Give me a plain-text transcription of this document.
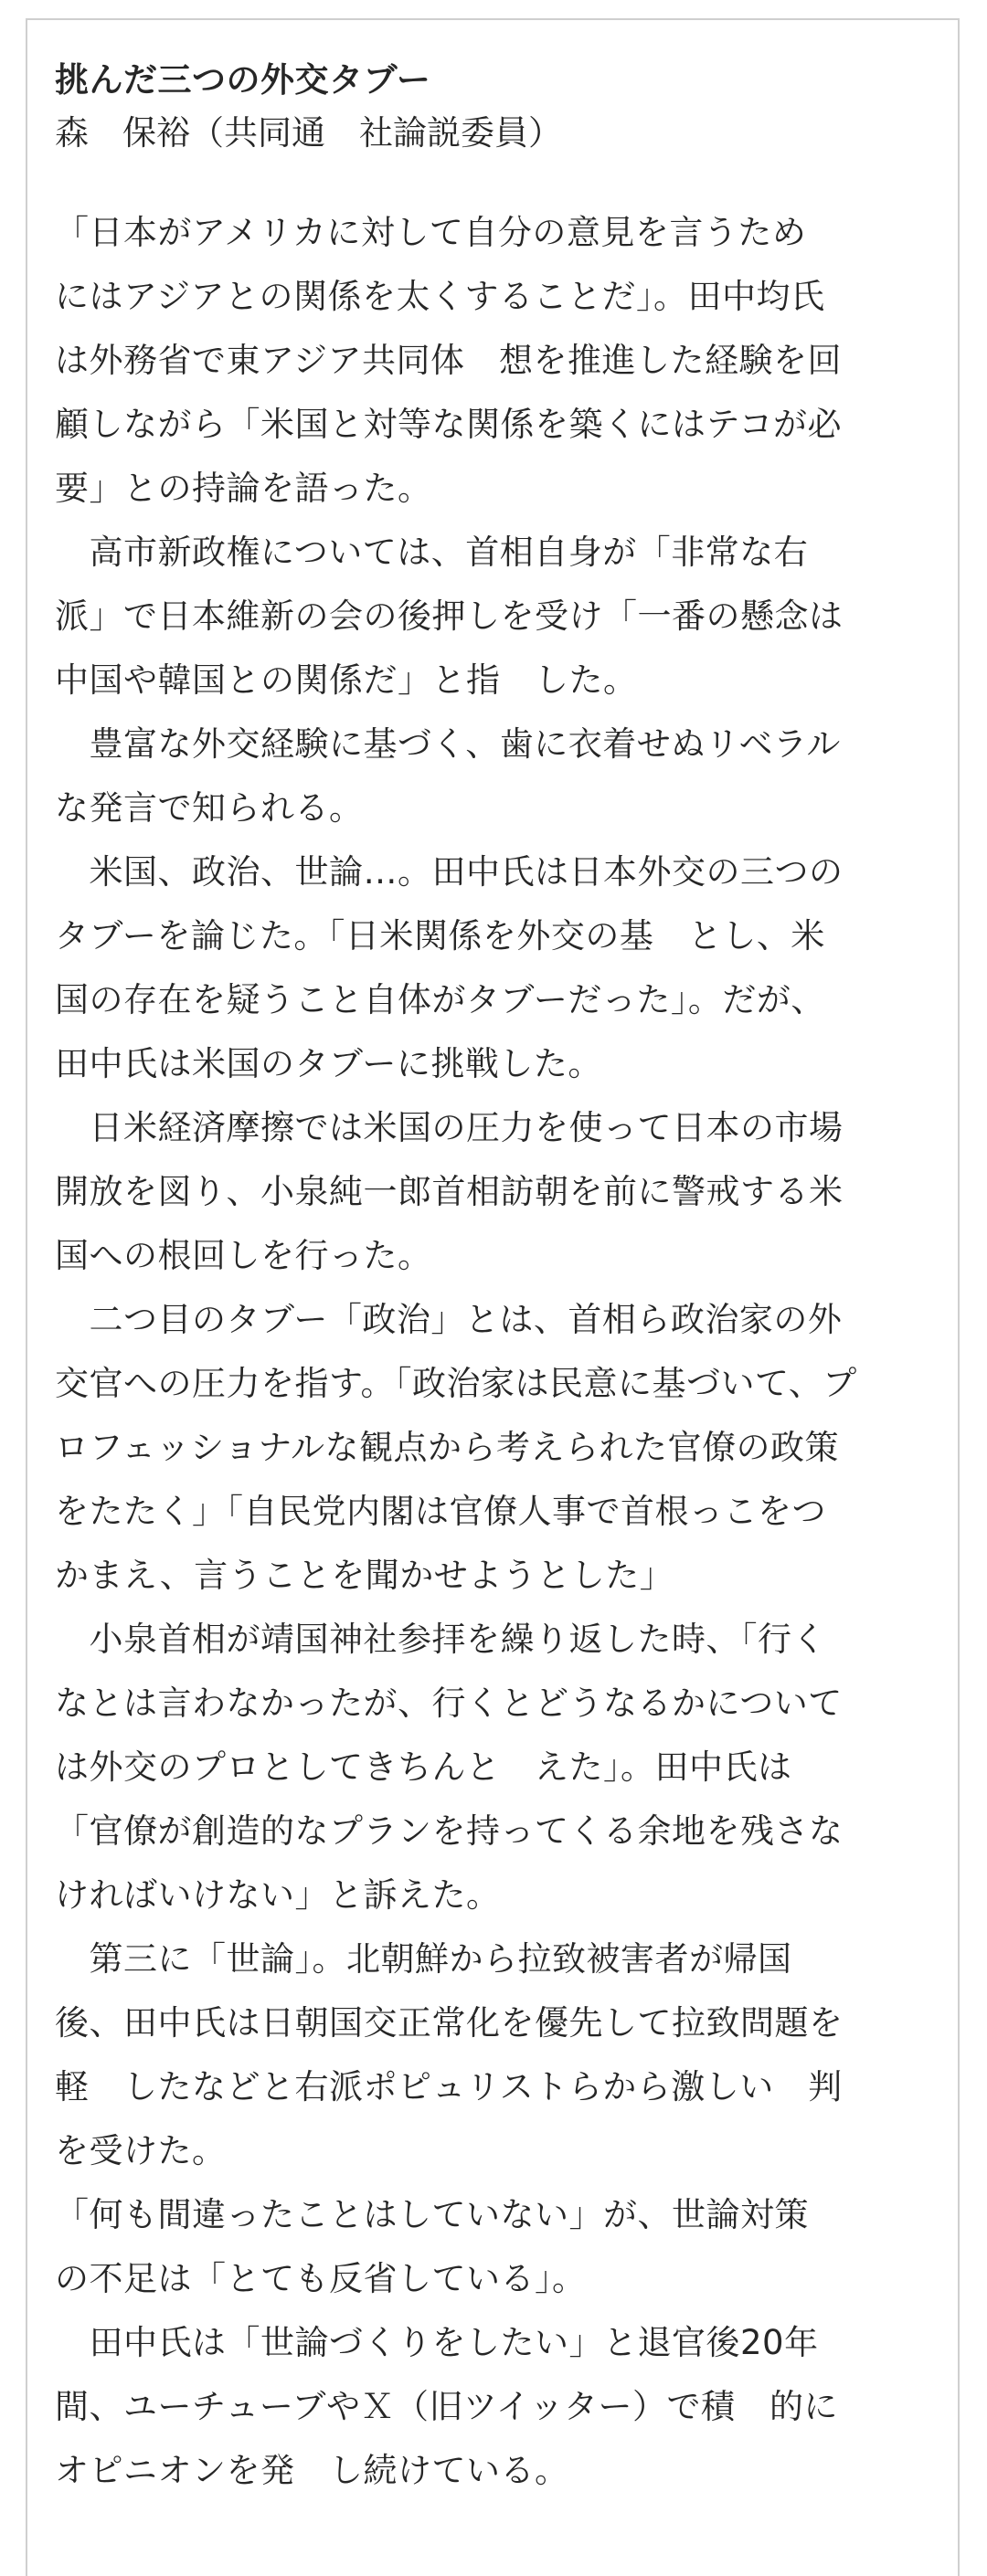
挑んだ三つの外交タブー

森　保裕（共同通　社論説委員）

「日本がアメリカに対して自分の意見を言うため
にはアジアとの関係を太くすることだ」。田中均氏
は外務省で東アジア共同体　想を推進した経験を回
顧しながら「米国と対等な関係を築くにはテコが必
要」との持論を語った。
　高市新政権については、首相自身が「非常な右
派」で日本維新の会の後押しを受け「一番の懸念は
中国や韓国との関係だ」と指　した。
　豊富な外交経験に基づく、歯に衣着せぬリベラル
な発言で知られる。
　米国、政治、世論…。田中氏は日本外交の三つの
タブーを論じた。「日米関係を外交の基　とし、米
国の存在を疑うこと自体がタブーだった」。だが、
田中氏は米国のタブーに挑戦した。
　日米経済摩擦では米国の圧力を使って日本の市場
開放を図り、小泉純一郎首相訪朝を前に警戒する米
国への根回しを行った。
　二つ目のタブー「政治」とは、首相ら政治家の外
交官への圧力を指す。「政治家は民意に基づいて、プ
ロフェッショナルな観点から考えられた官僚の政策
をたたく」「自民党内閣は官僚人事で首根っこをつ
かまえ、言うことを聞かせようとした」
　小泉首相が靖国神社参拝を繰り返した時、「行く
なとは言わなかったが、行くとどうなるかについて
は外交のプロとしてきちんと　えた」。田中氏は
「官僚が創造的なプランを持ってくる余地を残さな
ければいけない」と訴えた。
　第三に「世論」。北朝鮮から拉致被害者が帰国
後、田中氏は日朝国交正常化を優先して拉致問題を
軽　したなどと右派ポピュリストらから激しい　判
を受けた。
「何も間違ったことはしていない」が、世論対策
の不足は「とても反省している」。
　田中氏は「世論づくりをしたい」と退官後20年
間、ユーチューブやＸ（旧ツイッター）で積　的に
オピニオンを発　し続けている。
